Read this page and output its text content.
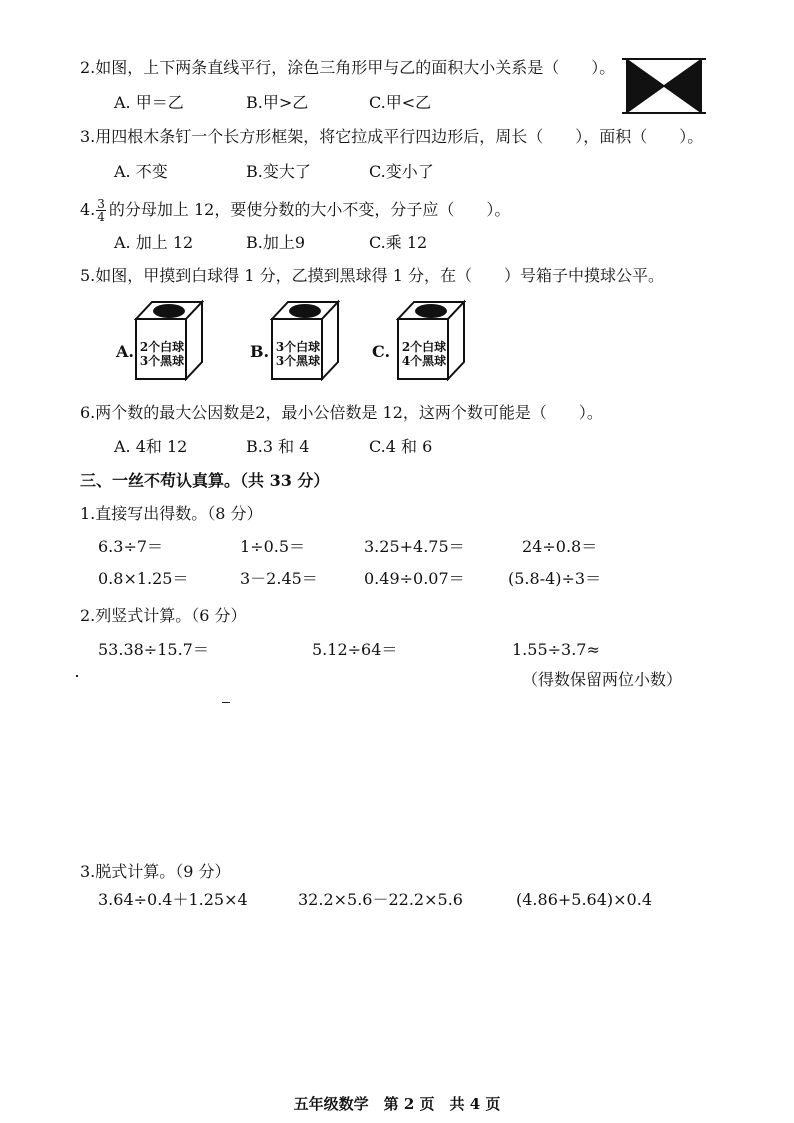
2.如图，上下两条直线平行，涂色三角形甲与乙的面积大小关系是（　　）。
A. 甲＝乙	B.甲>乙	C.甲<乙
3.用四根木条钉一个长方形框架，将它拉成平行四边形后，周长（　　），面积（　　）。
A. 不变	B.变大了	C.变小了
4. $\frac{3}{4}$ 的分母加上 12，要使分数的大小不变，分子应（　　）。
A. 加上 12	B.加上9	C.乘 12
5.如图，甲摸到白球得 1 分，乙摸到黑球得 1 分，在（　　）号箱子中摸球公平。
A. 2个白球
3个黑球	B. 3个白球
3个黑球	C. 2个白球
4个黑球
6.两个数的最大公因数是2，最小公倍数是 12，这两个数可能是（　　）。
A. 4和 12	B.3 和 4	C.4 和 6
三、一丝不苟认真算。（共 33 分）
1.直接写出得数。（8 分）
6.3÷7＝	1÷0.5＝	3.25+4.75＝	24÷0.8＝
0.8×1.25＝	3－2.45＝	0.49÷0.07＝	(5.8-4)÷3＝
2.列竖式计算。（6 分）
53.38÷15.7＝	5.12÷64＝	1.55÷3.7≈
（得数保留两位小数）
3.脱式计算。（9 分）
3.64÷0.4＋1.25×4	32.2×5.6－22.2×5.6	(4.86+5.64)×0.4
五年级数学　第 2 页　共 4 页
